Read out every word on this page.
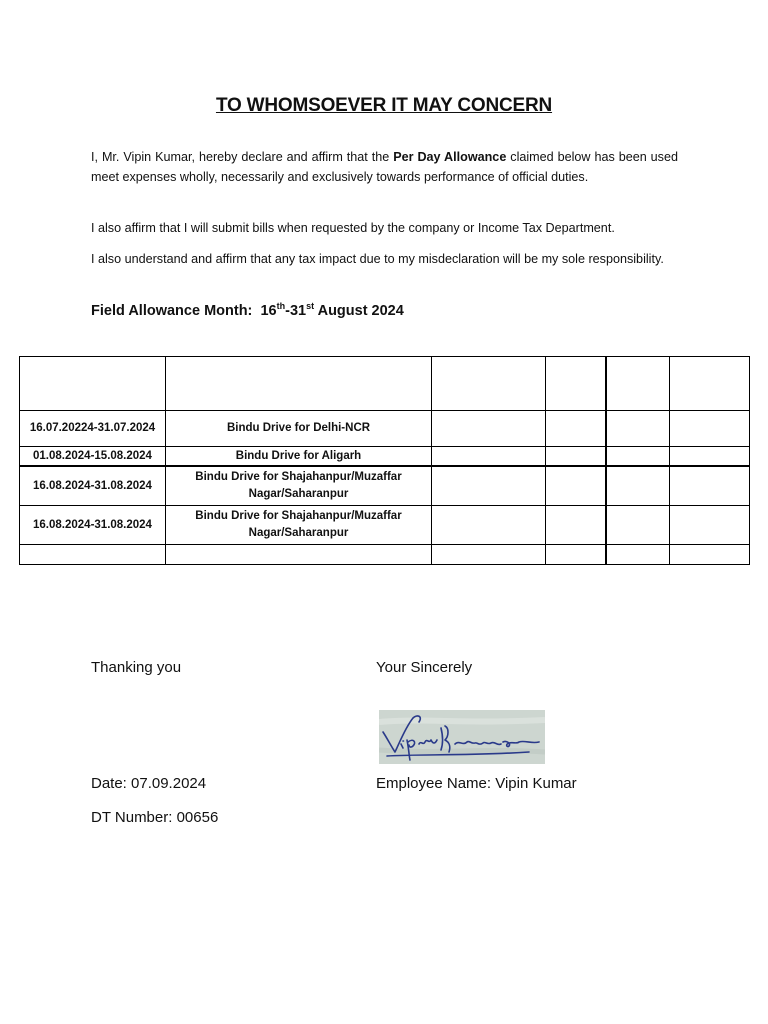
TO WHOMSOEVER IT MAY CONCERN

I, Mr. Vipin Kumar, hereby declare and affirm that the Per Day Allowance claimed below has been used meet expenses wholly, necessarily and exclusively towards performance of official duties.

I also affirm that I will submit bills when requested by the company or Income Tax Department.

I also understand and affirm that any tax impact due to my misdeclaration will be my sole responsibility.

Field Allowance Month: 16th-31st August 2024

16.07.20224-31.07.2024	Bindu Drive for Delhi-NCR				
01.08.2024-15.08.2024	Bindu Drive for Aligarh				
16.08.2024-31.08.2024	Bindu Drive for Shajahanpur/Muzaffar Nagar/Saharanpur				
16.08.2024-31.08.2024	Bindu Drive for Shajahanpur/Muzaffar Nagar/Saharanpur				

Thanking you	Your Sincerely
Date: 07.09.2024	Employee Name: Vipin Kumar
DT Number: 00656
